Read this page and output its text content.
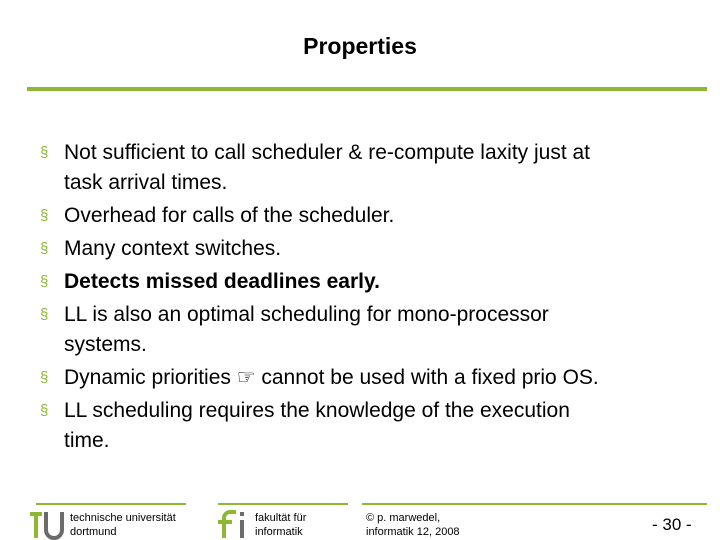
Properties
§ Not sufficient to call scheduler & re-compute laxity just at
task arrival times.
§ Overhead for calls of the scheduler.
§ Many context switches.
§ Detects missed deadlines early.
§ LL is also an optimal scheduling for mono-processor
systems.
§ Dynamic priorities ☞ cannot be used with a fixed prio OS.
§ LL scheduling requires the knowledge of the execution
time.
technische universität
dortmund
fakultät für
informatik
© p. marwedel,
informatik 12, 2008	- 30 -
